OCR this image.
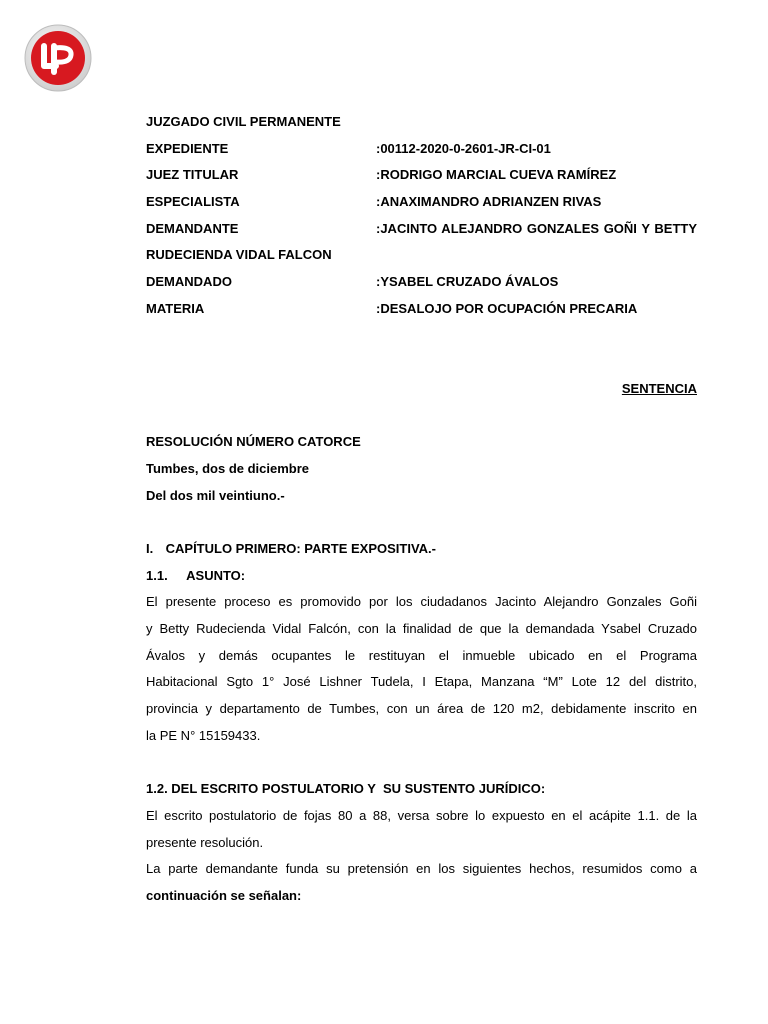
JUZGADO CIVIL PERMANENTE
EXPEDIENTE	:00112-2020-0-2601-JR-CI-01
JUEZ TITULAR	:RODRIGO MARCIAL CUEVA RAMÍREZ
ESPECIALISTA	:ANAXIMANDRO ADRIANZEN RIVAS
DEMANDANTE	:JACINTO ALEJANDRO GONZALES GOÑI Y BETTY
RUDECIENDA VIDAL FALCON
DEMANDADO	:YSABEL CRUZADO ÁVALOS
MATERIA	:DESALOJO POR OCUPACIÓN PRECARIA
SENTENCIA
RESOLUCIÓN NÚMERO CATORCE
Tumbes, dos de diciembre
Del dos mil veintiuno.-
I. CAPÍTULO PRIMERO: PARTE EXPOSITIVA.-
1.1. ASUNTO:
El presente proceso es promovido por los ciudadanos Jacinto Alejandro Gonzales Goñi
y Betty Rudecienda Vidal Falcón, con la finalidad de que la demandada Ysabel Cruzado
Ávalos y demás ocupantes le restituyan el inmueble ubicado en el Programa
Habitacional Sgto 1° José Lishner Tudela, I Etapa, Manzana “M” Lote 12 del distrito,
provincia y departamento de Tumbes, con un área de 120 m2, debidamente inscrito en
la PE N° 15159433.
1.2. DEL ESCRITO POSTULATORIO Y  SU SUSTENTO JURÍDICO:
El escrito postulatorio de fojas 80 a 88, versa sobre lo expuesto en el acápite 1.1. de la
presente resolución.
La parte demandante funda su pretensión en los siguientes hechos, resumidos como a
continuación se señalan:
